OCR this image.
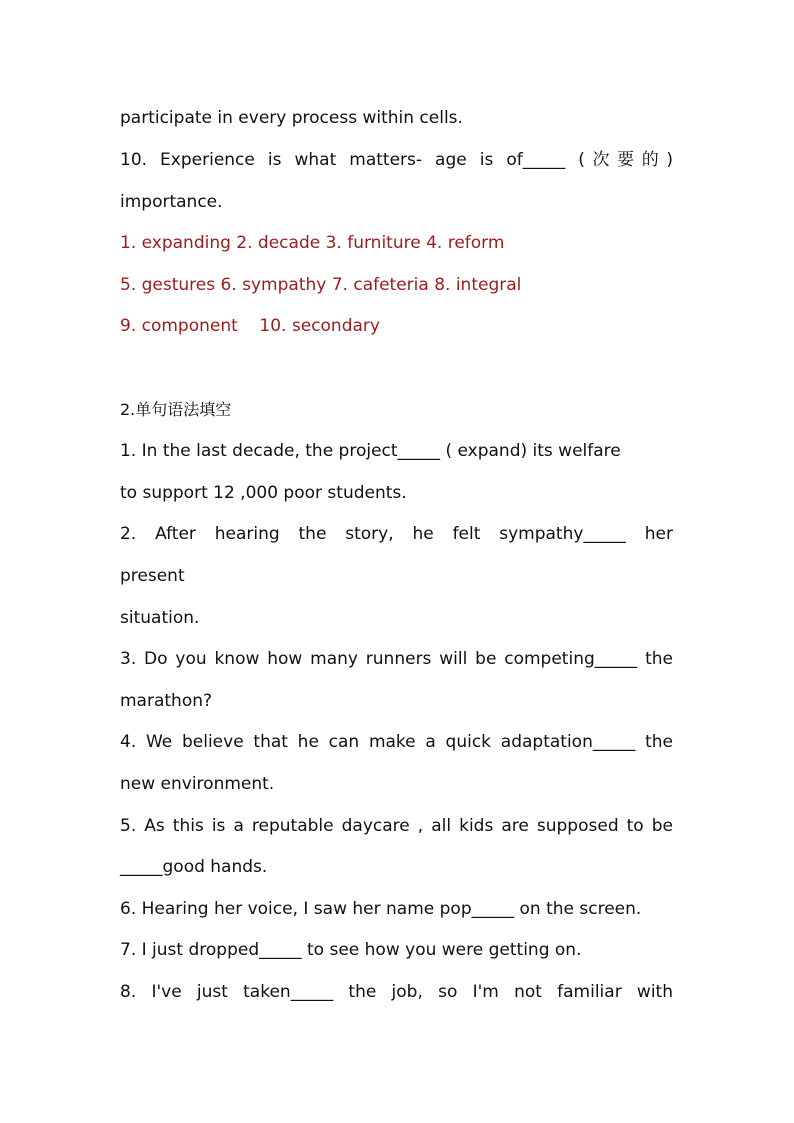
participate in every process within cells.
10. Experience is what matters- age is of_____ (次要的)
importance.
1. expanding 2. decade 3. furniture 4. reform
5. gestures 6. sympathy 7. cafeteria 8. integral
9. component    10. secondary
2.单句语法填空
1. In the last decade, the project_____ ( expand) its welfare
to support 12 ,000 poor students.
2. After hearing the story, he felt sympathy_____ her
present
situation.
3. Do you know how many runners will be competing_____ the
marathon?
4. We believe that he can make a quick adaptation_____ the
new environment.
5. As this is a reputable daycare , all kids are supposed to be
_____good hands.
6. Hearing her voice, I saw her name pop_____ on the screen.
7. I just dropped_____ to see how you were getting on.
8. I've just taken_____ the job, so I'm not familiar with
